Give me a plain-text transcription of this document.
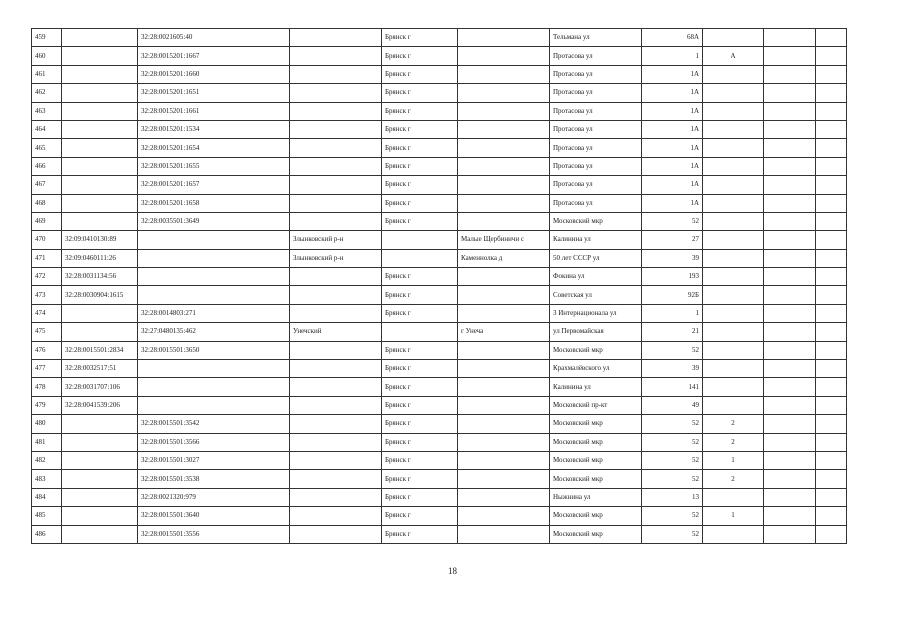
459		32:28:0021605:40		Брянск г		Тельмана ул	68А			
460		32:28:0015201:1667		Брянск г		Протасова ул	1	А		
461		32:28:0015201:1660		Брянск г		Протасова ул	1А			
462		32:28:0015201:1651		Брянск г		Протасова ул	1А			
463		32:28:0015201:1661		Брянск г		Протасова ул	1А			
464		32:28:0015201:1534		Брянск г		Протасова ул	1А			
465		32:28:0015201:1654		Брянск г		Протасова ул	1А			
466		32:28:0015201:1655		Брянск г		Протасова ул	1А			
467		32:28:0015201:1657		Брянск г		Протасова ул	1А			
468		32:28:0015201:1658		Брянск г		Протасова ул	1А			
469		32:28:0035501:3649		Брянск г		Московский мкр	52			
470	32:09:0410130:89		Злынковский р-н		Малые Щербиничи с	Калинина ул	27			
471	32:09:0460111:26		Злынковский р-н		Каменнолка д	50 лет СССР ул	39			
472	32:28:0031134:56			Брянск г		Фокина ул	193			
473	32:28:0030904:1615			Брянск г		Советская ул	92Б			
474		32:28:0014803:271		Брянск г		3 Интернационала ул	1			
475		32:27:0480135:462	Унечский		г Унеча	ул Первомайская	21			
476	32:28:0015501:2834	32:28:0015501:3650		Брянск г		Московский мкр	52			
477	32:28:0032517:51			Брянск г		Крахмалёвского ул	39			
478	32:28:0031707:106			Брянск г		Калинина ул	141			
479	32:28:0041539:206			Брянск г		Московский пр-кт	49			
480		32:28:0015501:3542		Брянск г		Московский мкр	52	2		
481		32:28:0015501:3566		Брянск г		Московский мкр	52	2		
482		32:28:0015501:3027		Брянск г		Московский мкр	52	1		
483		32:28:0015501:3538		Брянск г		Московский мкр	52	2		
484		32:28:0021320:979		Брянск г		Ныжнина ул	13			
485		32:28:0015501:3640		Брянск г		Московский мкр	52	1		
486		32:28:0015501:3556		Брянск г		Московский мкр	52			
18
